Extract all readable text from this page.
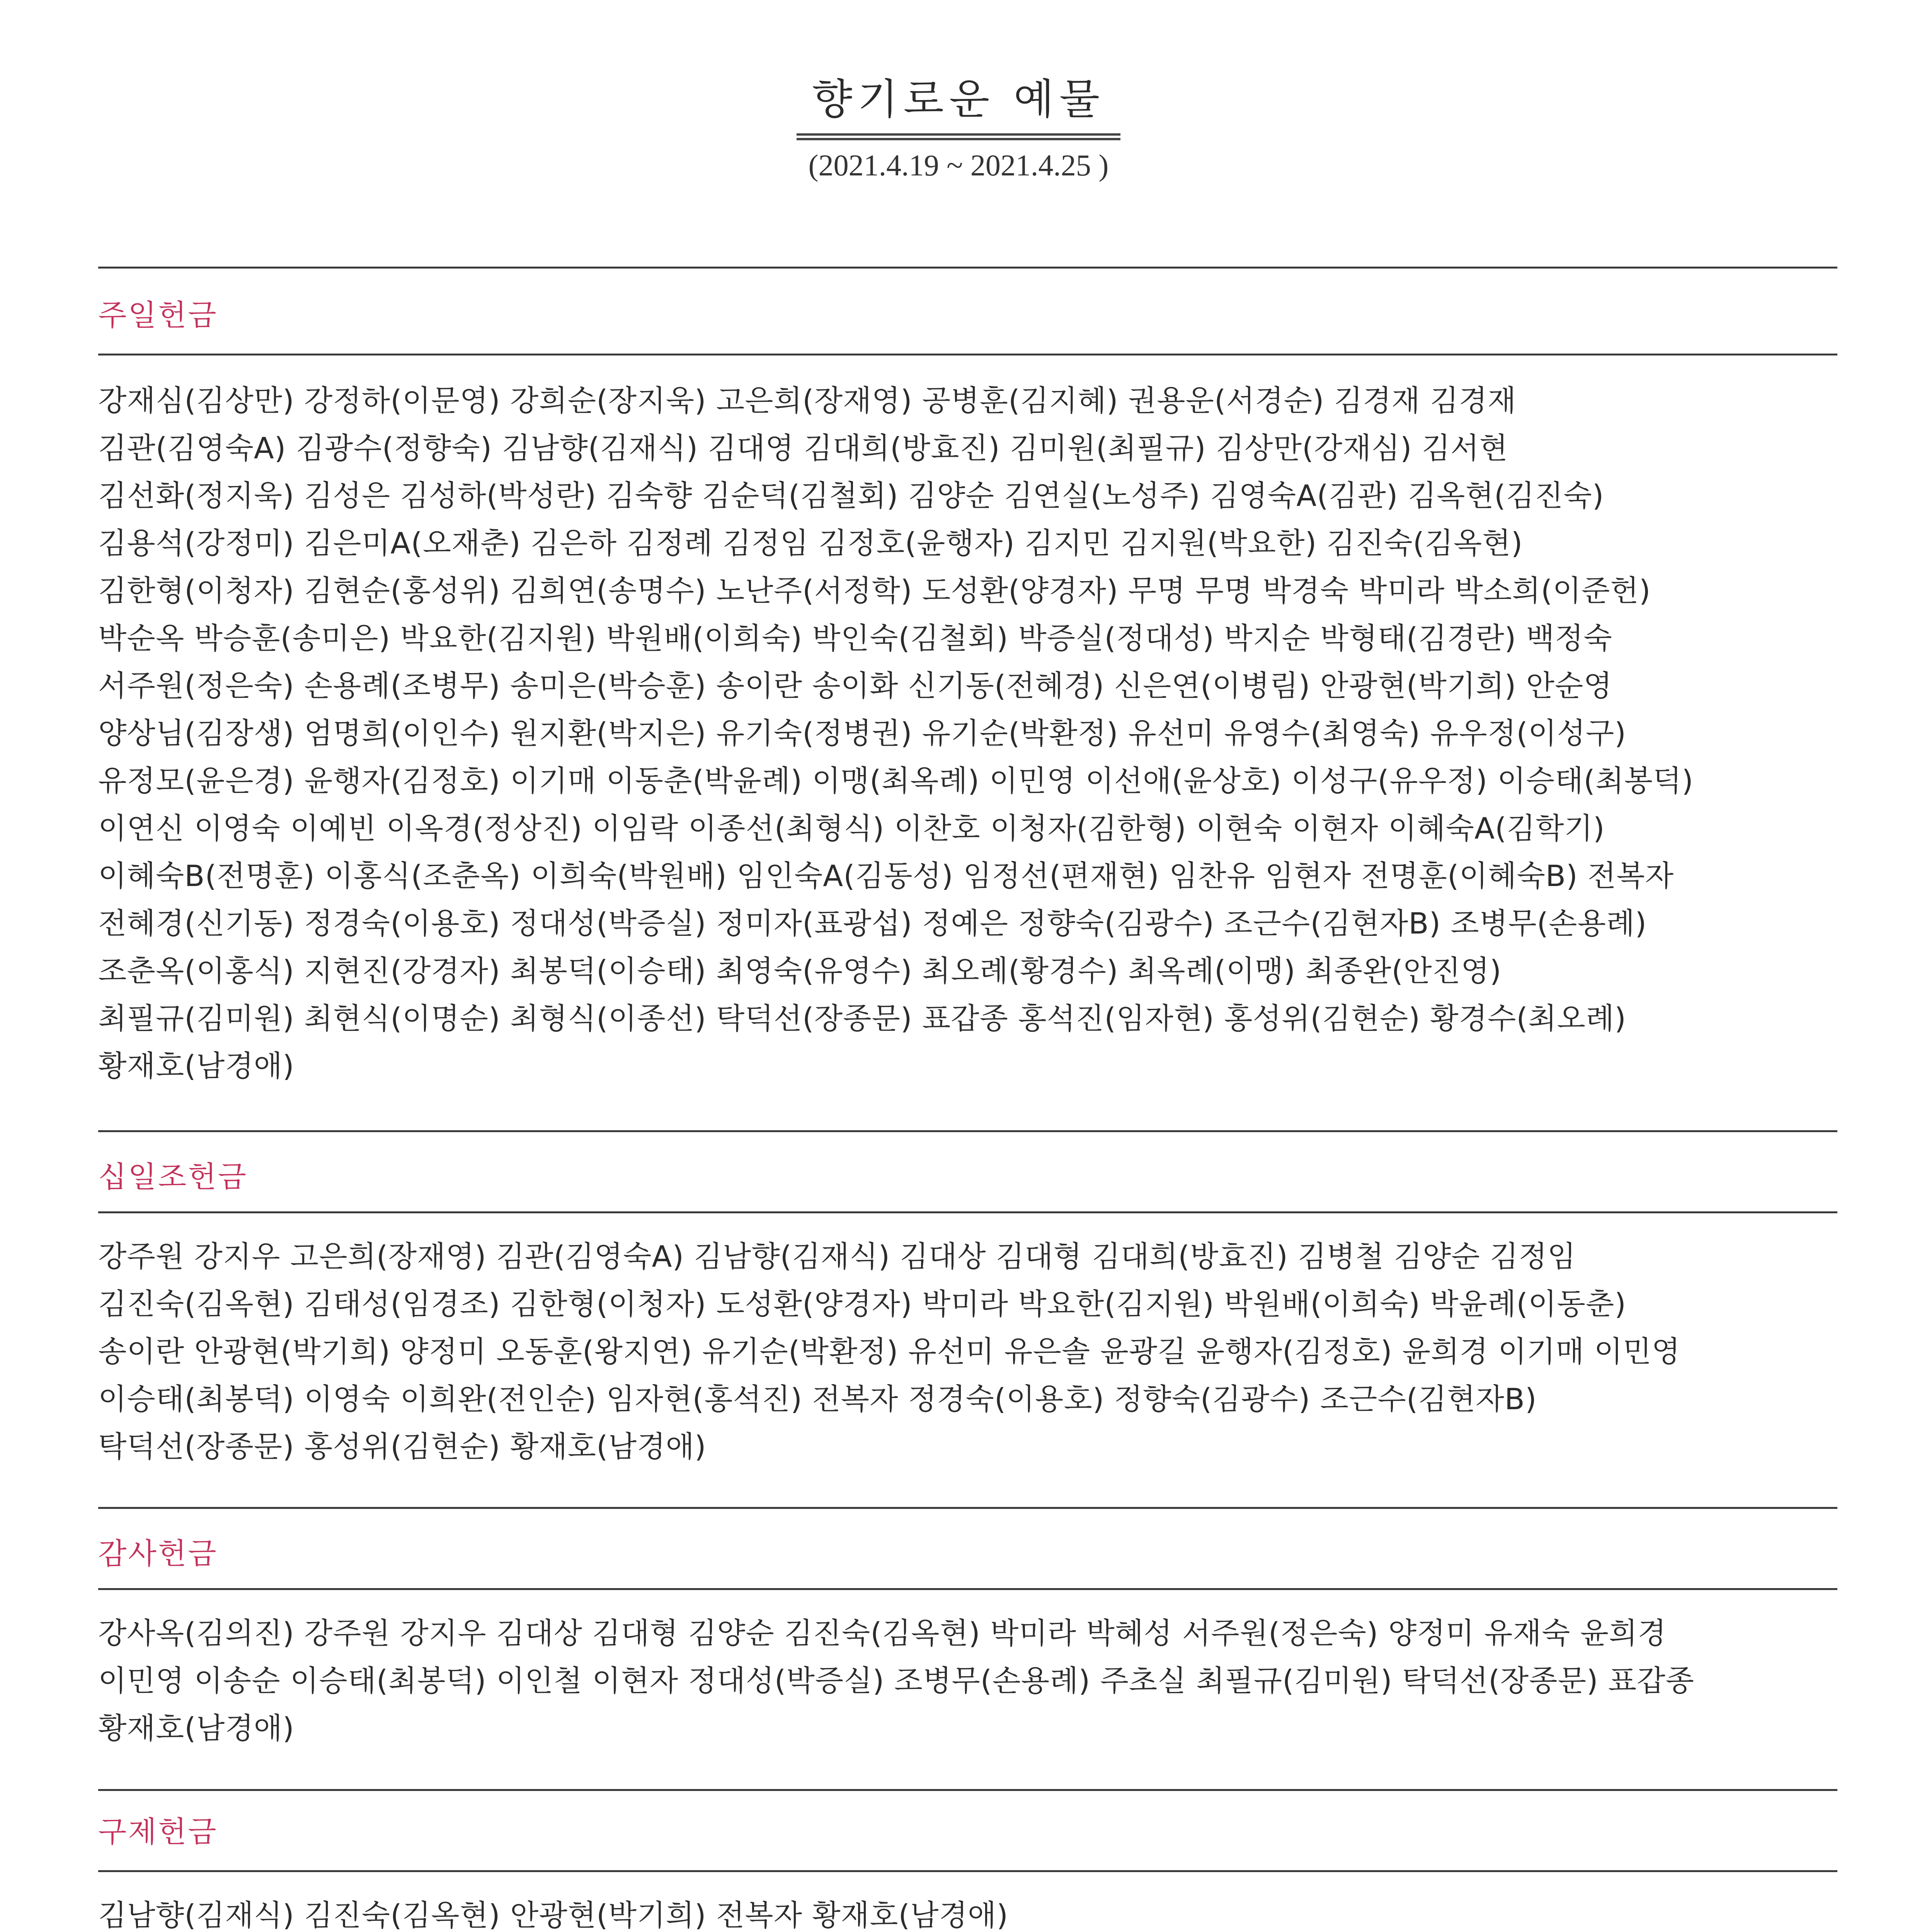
향기로운 예물
(2021.4.19 ~ 2021.4.25 )
주일헌금
강재심(김상만) 강정하(이문영) 강희순(장지욱) 고은희(장재영) 공병훈(김지혜) 권용운(서경순) 김경재 김경재
김관(김영숙A) 김광수(정향숙) 김남향(김재식) 김대영 김대희(방효진) 김미원(최필규) 김상만(강재심) 김서현
김선화(정지욱) 김성은 김성하(박성란) 김숙향 김순덕(김철회) 김양순 김연실(노성주) 김영숙A(김관) 김옥현(김진숙)
김용석(강정미) 김은미A(오재춘) 김은하 김정례 김정임 김정호(윤행자) 김지민 김지원(박요한) 김진숙(김옥현)
김한형(이청자) 김현순(홍성위) 김희연(송명수) 노난주(서정학) 도성환(양경자) 무명 무명 박경숙 박미라 박소희(이준헌)
박순옥 박승훈(송미은) 박요한(김지원) 박원배(이희숙) 박인숙(김철회) 박증실(정대성) 박지순 박형태(김경란) 백정숙
서주원(정은숙) 손용례(조병무) 송미은(박승훈) 송이란 송이화 신기동(전혜경) 신은연(이병림) 안광현(박기희) 안순영
양상님(김장생) 엄명희(이인수) 원지환(박지은) 유기숙(정병권) 유기순(박환정) 유선미 유영수(최영숙) 유우정(이성구)
유정모(윤은경) 윤행자(김정호) 이기매 이동춘(박윤례) 이맹(최옥례) 이민영 이선애(윤상호) 이성구(유우정) 이승태(최봉덕)
이연신 이영숙 이예빈 이옥경(정상진) 이임락 이종선(최형식) 이찬호 이청자(김한형) 이현숙 이현자 이혜숙A(김학기)
이혜숙B(전명훈) 이홍식(조춘옥) 이희숙(박원배) 임인숙A(김동성) 임정선(편재현) 임찬유 임현자 전명훈(이혜숙B) 전복자
전혜경(신기동) 정경숙(이용호) 정대성(박증실) 정미자(표광섭) 정예은 정향숙(김광수) 조근수(김현자B) 조병무(손용례)
조춘옥(이홍식) 지현진(강경자) 최봉덕(이승태) 최영숙(유영수) 최오례(황경수) 최옥례(이맹) 최종완(안진영)
최필규(김미원) 최현식(이명순) 최형식(이종선) 탁덕선(장종문) 표갑종 홍석진(임자현) 홍성위(김현순) 황경수(최오례)
황재호(남경애)
십일조헌금
강주원 강지우 고은희(장재영) 김관(김영숙A) 김남향(김재식) 김대상 김대형 김대희(방효진) 김병철 김양순 김정임
김진숙(김옥현) 김태성(임경조) 김한형(이청자) 도성환(양경자) 박미라 박요한(김지원) 박원배(이희숙) 박윤례(이동춘)
송이란 안광현(박기희) 양정미 오동훈(왕지연) 유기순(박환정) 유선미 유은솔 윤광길 윤행자(김정호) 윤희경 이기매 이민영
이승태(최봉덕) 이영숙 이희완(전인순) 임자현(홍석진) 전복자 정경숙(이용호) 정향숙(김광수) 조근수(김현자B)
탁덕선(장종문) 홍성위(김현순) 황재호(남경애)
감사헌금
강사옥(김의진) 강주원 강지우 김대상 김대형 김양순 김진숙(김옥현) 박미라 박혜성 서주원(정은숙) 양정미 유재숙 윤희경
이민영 이송순 이승태(최봉덕) 이인철 이현자 정대성(박증실) 조병무(손용례) 주초실 최필규(김미원) 탁덕선(장종문) 표갑종
황재호(남경애)
구제헌금
김남향(김재식) 김진숙(김옥현) 안광현(박기희) 전복자 황재호(남경애)
